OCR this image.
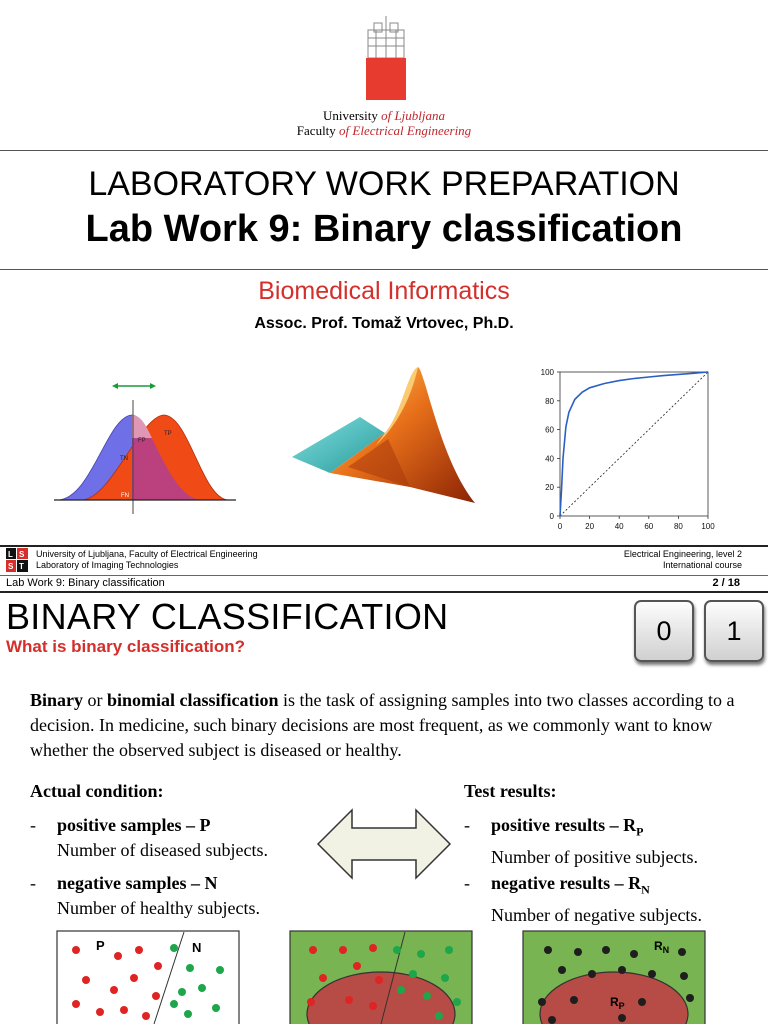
University of Ljubljana
Faculty of Electrical Engineering
LABORATORY WORK PREPARATION
Lab Work 9: Binary classification
Biomedical Informatics
Assoc. Prof. Tomaž Vrtovec, Ph.D.
TN
FP
TP
FN
0	20	40	60	80 100
0
20
40
60
80
100
L S
S T
University of Ljubljana, Faculty of Electrical Engineering
Laboratory of Imaging Technologies
Electrical Engineering, level 2
International course
Lab Work 9: Binary classification	2 / 18
BINARY CLASSIFICATION
What is binary classification?
0	1
Binary or binomial classification is the task of assigning samples into two classes according to a decision. In medicine, such binary decisions are most frequent, as we commonly want to know whether the observed subject is diseased or healthy.
Actual condition:	Test results:
- positive samples – P
Number of diseased subjects.
- negative samples – N
Number of healthy subjects.
- positive results – $R_P$
Number of positive subjects.
- negative results – $R_N$
Number of negative subjects.
P	N	$R_N$
$R_P$
